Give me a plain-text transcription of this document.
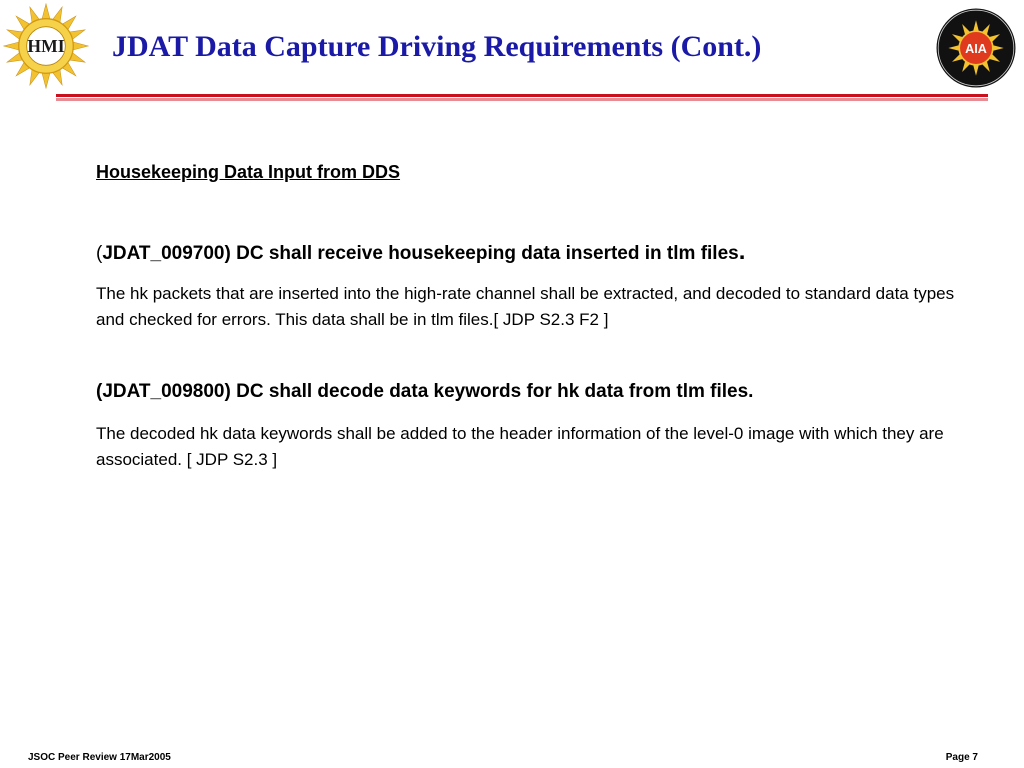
HMI JDAT Data Capture Driving Requirements (Cont.)	AIA

Housekeeping Data Input from DDS

(JDAT_009700) DC shall receive housekeeping data inserted in tlm files.

The hk packets that are inserted into the high-rate channel shall be extracted, and decoded to standard data types and checked for errors. This data shall be in tlm files.[ JDP S2.3 F2 ]

(JDAT_009800) DC shall decode data keywords for hk data from tlm files.

The decoded hk data keywords shall be added to the header information of the level-0 image with which they are associated. [ JDP S2.3 ]

JSOC Peer Review 17Mar2005	Page 7
